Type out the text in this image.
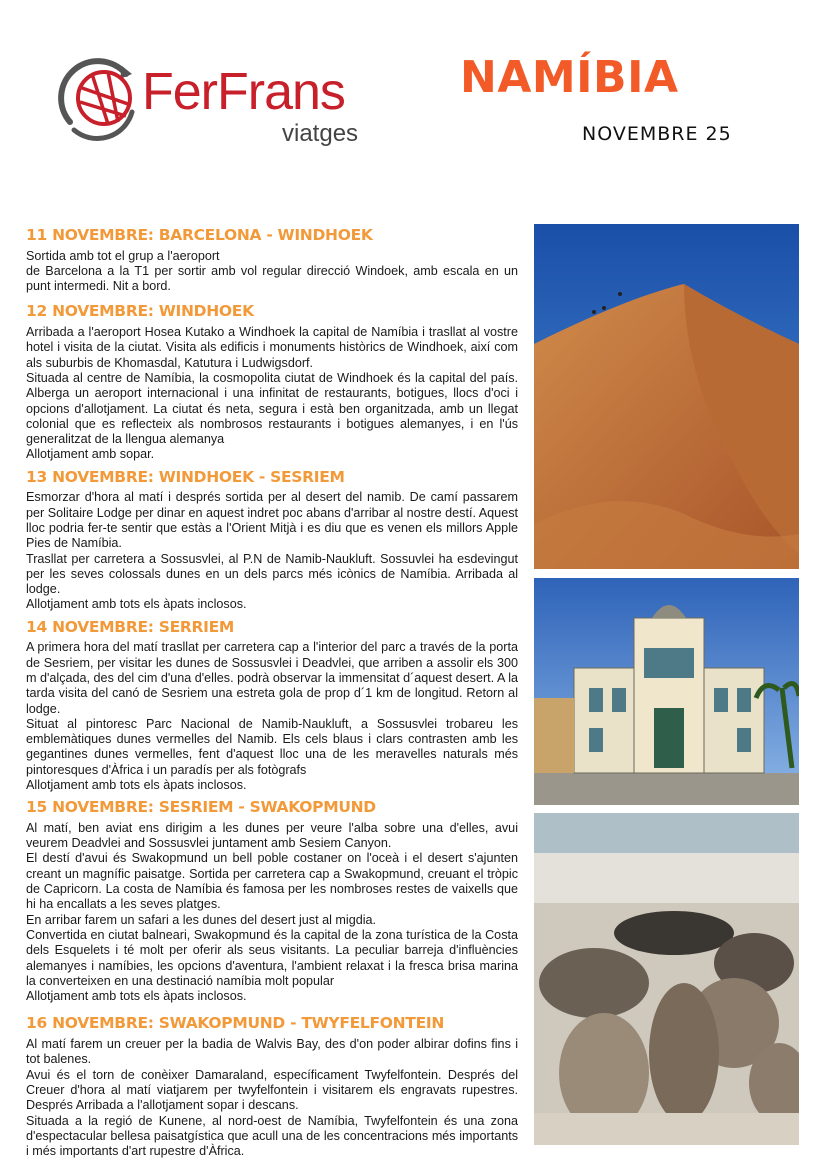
FerFrans
viatges
NAMÍBIA
NOVEMBRE 25
11 NOVEMBRE: BARCELONA - WINDHOEK

Sortida amb tot el grup a l'aeroport
de Barcelona a la T1 per sortir amb vol regular direcció Windoek, amb escala en un punt intermedi. Nit a bord.

12 NOVEMBRE: WINDHOEK

Arribada a l'aeroport Hosea Kutako a Windhoek la capital de Namíbia i trasllat al vostre hotel i visita de la ciutat. Visita als edificis i monuments històrics de Windhoek, així com als suburbis de Khomasdal, Katutura i Ludwigsdorf.

Situada al centre de Namíbia, la cosmopolita ciutat de Windhoek és la capital del país. Alberga un aeroport internacional i una infinitat de restaurants, botigues, llocs d'oci i opcions d'allotjament. La ciutat és neta, segura i està ben organitzada, amb un llegat colonial que es reflecteix als nombrosos restaurants i botigues alemanyes, i en l'ús generalitzat de la llengua alemanya

Allotjament amb sopar.

13 NOVEMBRE: WINDHOEK - SESRIEM

Esmorzar d'hora al matí i després sortida per al desert del namib. De camí passarem per Solitaire Lodge per dinar en aquest indret poc abans d'arribar al nostre destí. Aquest lloc podria fer-te sentir que estàs a l'Orient Mitjà i es diu que es venen els millors Apple Pies de Namíbia.

Trasllat per carretera a Sossusvlei, al P.N de Namib-Naukluft. Sossuvlei ha esdevingut per les seves colossals dunes en un dels parcs més icònics de Namíbia. Arribada al lodge.

Allotjament amb tots els àpats inclosos.

14 NOVEMBRE: SERRIEM

A primera hora del matí trasllat per carretera cap a l'interior del parc a través de la porta de Sesriem, per visitar les dunes de Sossusvlei i Deadvlei, que arriben a assolir els 300 m d'alçada, des del cim d'una d'elles. podrà observar la immensitat d´aquest desert. A la tarda visita del canó de Sesriem una estreta gola de prop d´1 km de longitud. Retorn al lodge.

Situat al pintoresc Parc Nacional de Namib-Naukluft, a Sossusvlei trobareu les emblemàtiques dunes vermelles del Namib. Els cels blaus i clars contrasten amb les gegantines dunes vermelles, fent d'aquest lloc una de les meravelles naturals més pintoresques d'Àfrica i un paradís per als fotògrafs

Allotjament amb tots els àpats inclosos.

15 NOVEMBRE: SESRIEM - SWAKOPMUND

Al matí, ben aviat ens dirigim a les dunes per veure l'alba sobre una d'elles, avui veurem Deadvlei and Sossusvlei juntament amb Sesiem Canyon.

El destí d'avui és Swakopmund un bell poble costaner on l'oceà i el desert s'ajunten creant un magnífic paisatge. Sortida per carretera cap a Swakopmund, creuant el tròpic de Capricorn. La costa de Namíbia és famosa per les nombroses restes de vaixells que hi ha encallats a les seves platges.

En arribar farem un safari a les dunes del desert just al migdia.

Convertida en ciutat balneari, Swakopmund és la capital de la zona turística de la Costa dels Esquelets i té molt per oferir als seus visitants. La peculiar barreja d'influències alemanyes i namíbies, les opcions d'aventura, l'ambient relaxat i la fresca brisa marina la converteixen en una destinació namíbia molt popular

Allotjament amb tots els àpats inclosos.

16 NOVEMBRE: SWAKOPMUND - TWYFELFONTEIN

Al matí farem un creuer per la badia de Walvis Bay, des d'on poder albirar dofins fins i tot balenes.

Avui és el torn de conèixer Damaraland, específicament Twyfelfontein. Després del Creuer d'hora al matí viatjarem per twyfelfontein i visitarem els engravats rupestres. Després Arribada a l'allotjament sopar i descans.

Situada a la regió de Kunene, al nord-oest de Namíbia, Twyfelfontein és una zona d'espectacular bellesa paisatgística que acull una de les concentracions més importants i més importants d'art rupestre d'Àfrica.
